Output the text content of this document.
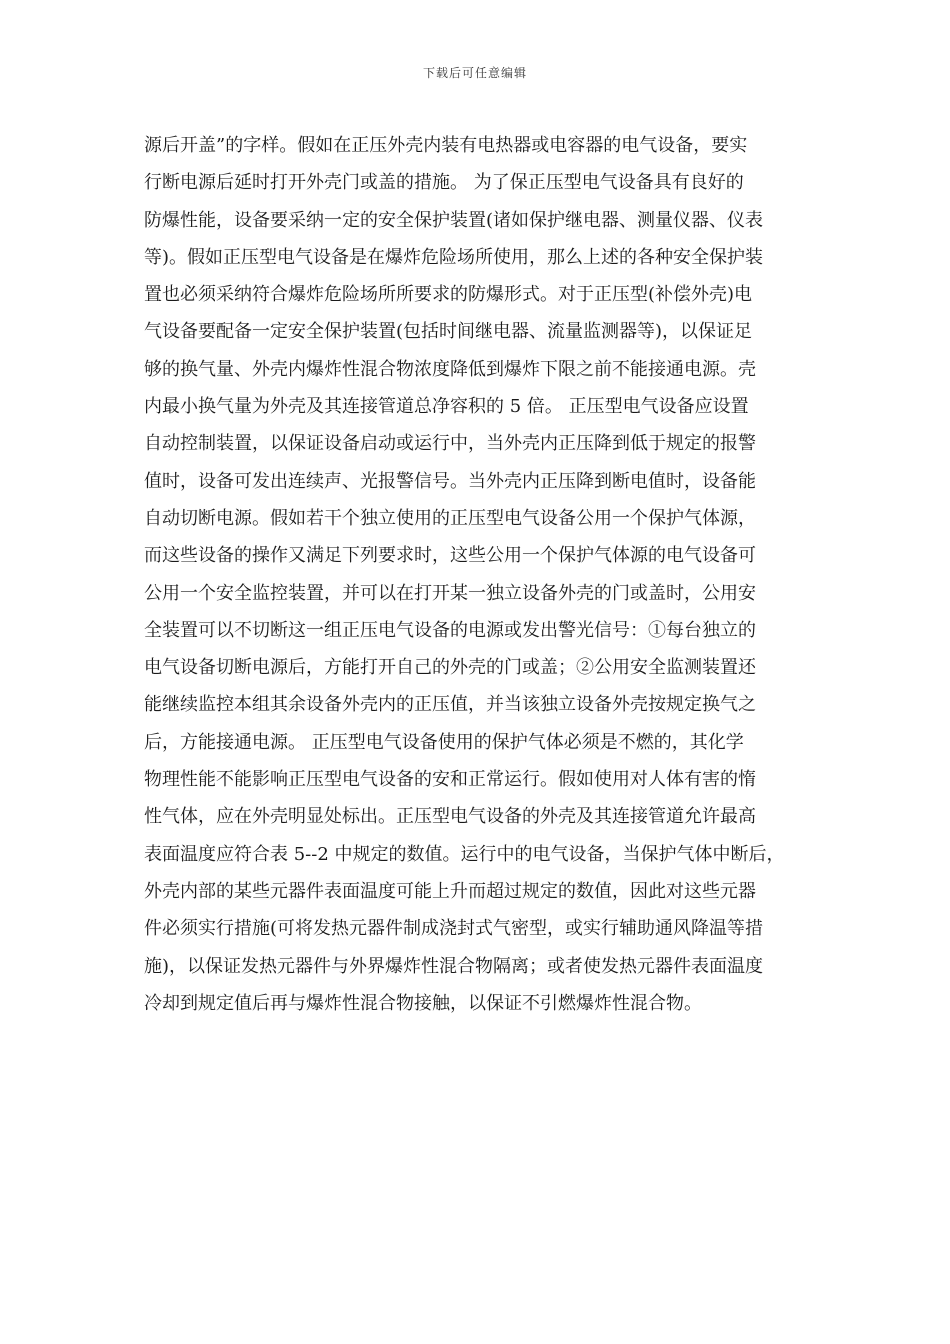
下载后可任意编辑
源后开盖”的字样。假如在正压外壳内装有电热器或电容器的电气设备，要实
行断电源后延时打开外壳门或盖的措施。 为了保正压型电气设备具有良好的
防爆性能，设备要采纳一定的安全保护装置(诸如保护继电器、测量仪器、仪表
等)。假如正压型电气设备是在爆炸危险场所使用，那么上述的各种安全保护装
置也必须采纳符合爆炸危险场所所要求的防爆形式。对于正压型(补偿外壳)电
气设备要配备一定安全保护装置(包括时间继电器、流量监测器等)，以保证足
够的换气量、外壳内爆炸性混合物浓度降低到爆炸下限之前不能接通电源。壳
内最小换气量为外壳及其连接管道总净容积的 5 倍。 正压型电气设备应设置
自动控制装置，以保证设备启动或运行中，当外壳内正压降到低于规定的报警
值时，设备可发出连续声、光报警信号。当外壳内正压降到断电值时，设备能
自动切断电源。假如若干个独立使用的正压型电气设备公用一个保护气体源，
而这些设备的操作又满足下列要求时，这些公用一个保护气体源的电气设备可
公用一个安全监控装置，并可以在打开某一独立设备外壳的门或盖时，公用安
全装置可以不切断这一组正压电气设备的电源或发出警光信号：①每台独立的
电气设备切断电源后，方能打开自己的外壳的门或盖；②公用安全监测装置还
能继续监控本组其余设备外壳内的正压值，并当该独立设备外壳按规定换气之
后，方能接通电源。 正压型电气设备使用的保护气体必须是不燃的，其化学
物理性能不能影响正压型电气设备的安和正常运行。假如使用对人体有害的惰
性气体，应在外壳明显处标出。正压型电气设备的外壳及其连接管道允许最高
表面温度应符合表 5--2 中规定的数值。运行中的电气设备，当保护气体中断后，
外壳内部的某些元器件表面温度可能上升而超过规定的数值，因此对这些元器
件必须实行措施(可将发热元器件制成浇封式气密型，或实行辅助通风降温等措
施)，以保证发热元器件与外界爆炸性混合物隔离；或者使发热元器件表面温度
冷却到规定值后再与爆炸性混合物接触，以保证不引燃爆炸性混合物。
